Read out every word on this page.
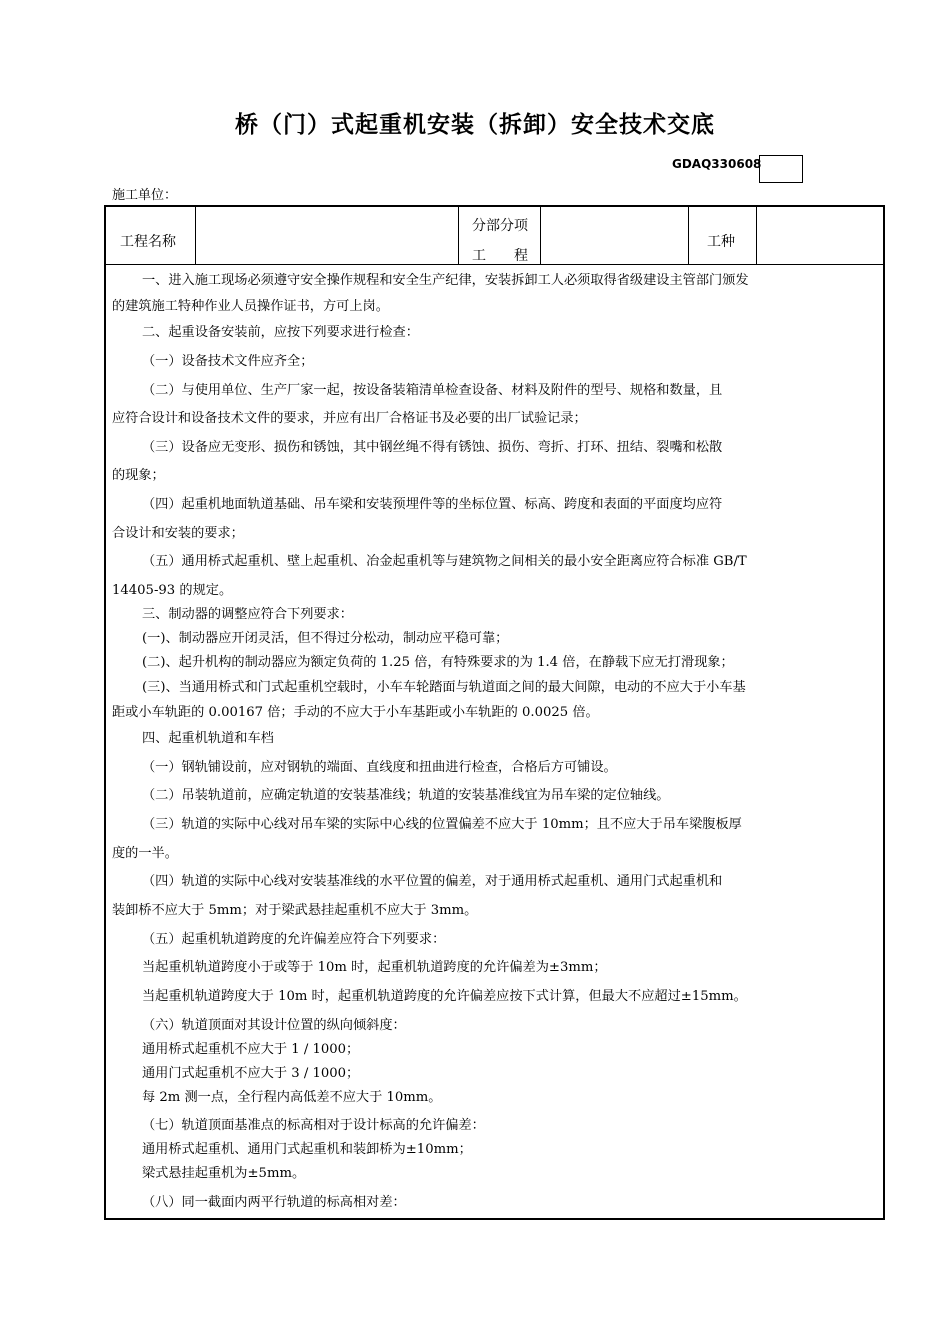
桥（门）式起重机安装（拆卸）安全技术交底
GDAQ330608
施工单位：
工程名称
分部分项
工　　程
工种
一、进入施工现场必须遵守安全操作规程和安全生产纪律，安装拆卸工人必须取得省级建设主管部门颁发
的建筑施工特种作业人员操作证书，方可上岗。
二、起重设备安装前，应按下列要求进行检查：
（一）设备技术文件应齐全；
（二）与使用单位、生产厂家一起，按设备装箱清单检查设备、材料及附件的型号、规格和数量，且
应符合设计和设备技术文件的要求，并应有出厂合格证书及必要的出厂试验记录；
（三）设备应无变形、损伤和锈蚀，其中钢丝绳不得有锈蚀、损伤、弯折、打环、扭结、裂嘴和松散
的现象；
（四）起重机地面轨道基础、吊车梁和安装预埋件等的坐标位置、标高、跨度和表面的平面度均应符
合设计和安装的要求；
（五）通用桥式起重机、壁上起重机、冶金起重机等与建筑物之间相关的最小安全距离应符合标准 GB/T
14405-93 的规定。
三、制动器的调整应符合下列要求：
(一)、制动器应开闭灵活，但不得过分松动，制动应平稳可靠；
(二)、起升机构的制动器应为额定负荷的 1.25 倍，有特殊要求的为 1.4 倍，在静载下应无打滑现象；
(三)、当通用桥式和门式起重机空载时，小车车轮踏面与轨道面之间的最大间隙，电动的不应大于小车基
距或小车轨距的 0.00167 倍；手动的不应大于小车基距或小车轨距的 0.0025 倍。
四、起重机轨道和车档
（一）钢轨铺设前，应对钢轨的端面、直线度和扭曲进行检查，合格后方可铺设。
（二）吊装轨道前，应确定轨道的安装基准线；轨道的安装基准线宜为吊车梁的定位轴线。
（三）轨道的实际中心线对吊车梁的实际中心线的位置偏差不应大于 10mm；且不应大于吊车梁腹板厚
度的一半。
（四）轨道的实际中心线对安装基准线的水平位置的偏差，对于通用桥式起重机、通用门式起重机和
装卸桥不应大于 5mm；对于梁武悬挂起重机不应大于 3mm。
（五）起重机轨道跨度的允许偏差应符合下列要求：
当起重机轨道跨度小于或等于 10m 时，起重机轨道跨度的允许偏差为±3mm；
当起重机轨道跨度大于 10m 时，起重机轨道跨度的允许偏差应按下式计算，但最大不应超过±15mm。
（六）轨道顶面对其设计位置的纵向倾斜度：
通用桥式起重机不应大于 1 / 1000；
通用门式起重机不应大于 3 / 1000；
每 2m 测一点，全行程内高低差不应大于 10mm。
（七）轨道顶面基准点的标高相对于设计标高的允许偏差：
通用桥式起重机、通用门式起重机和装卸桥为±10mm；
梁式悬挂起重机为±5mm。
（八）同一截面内两平行轨道的标高相对差：
